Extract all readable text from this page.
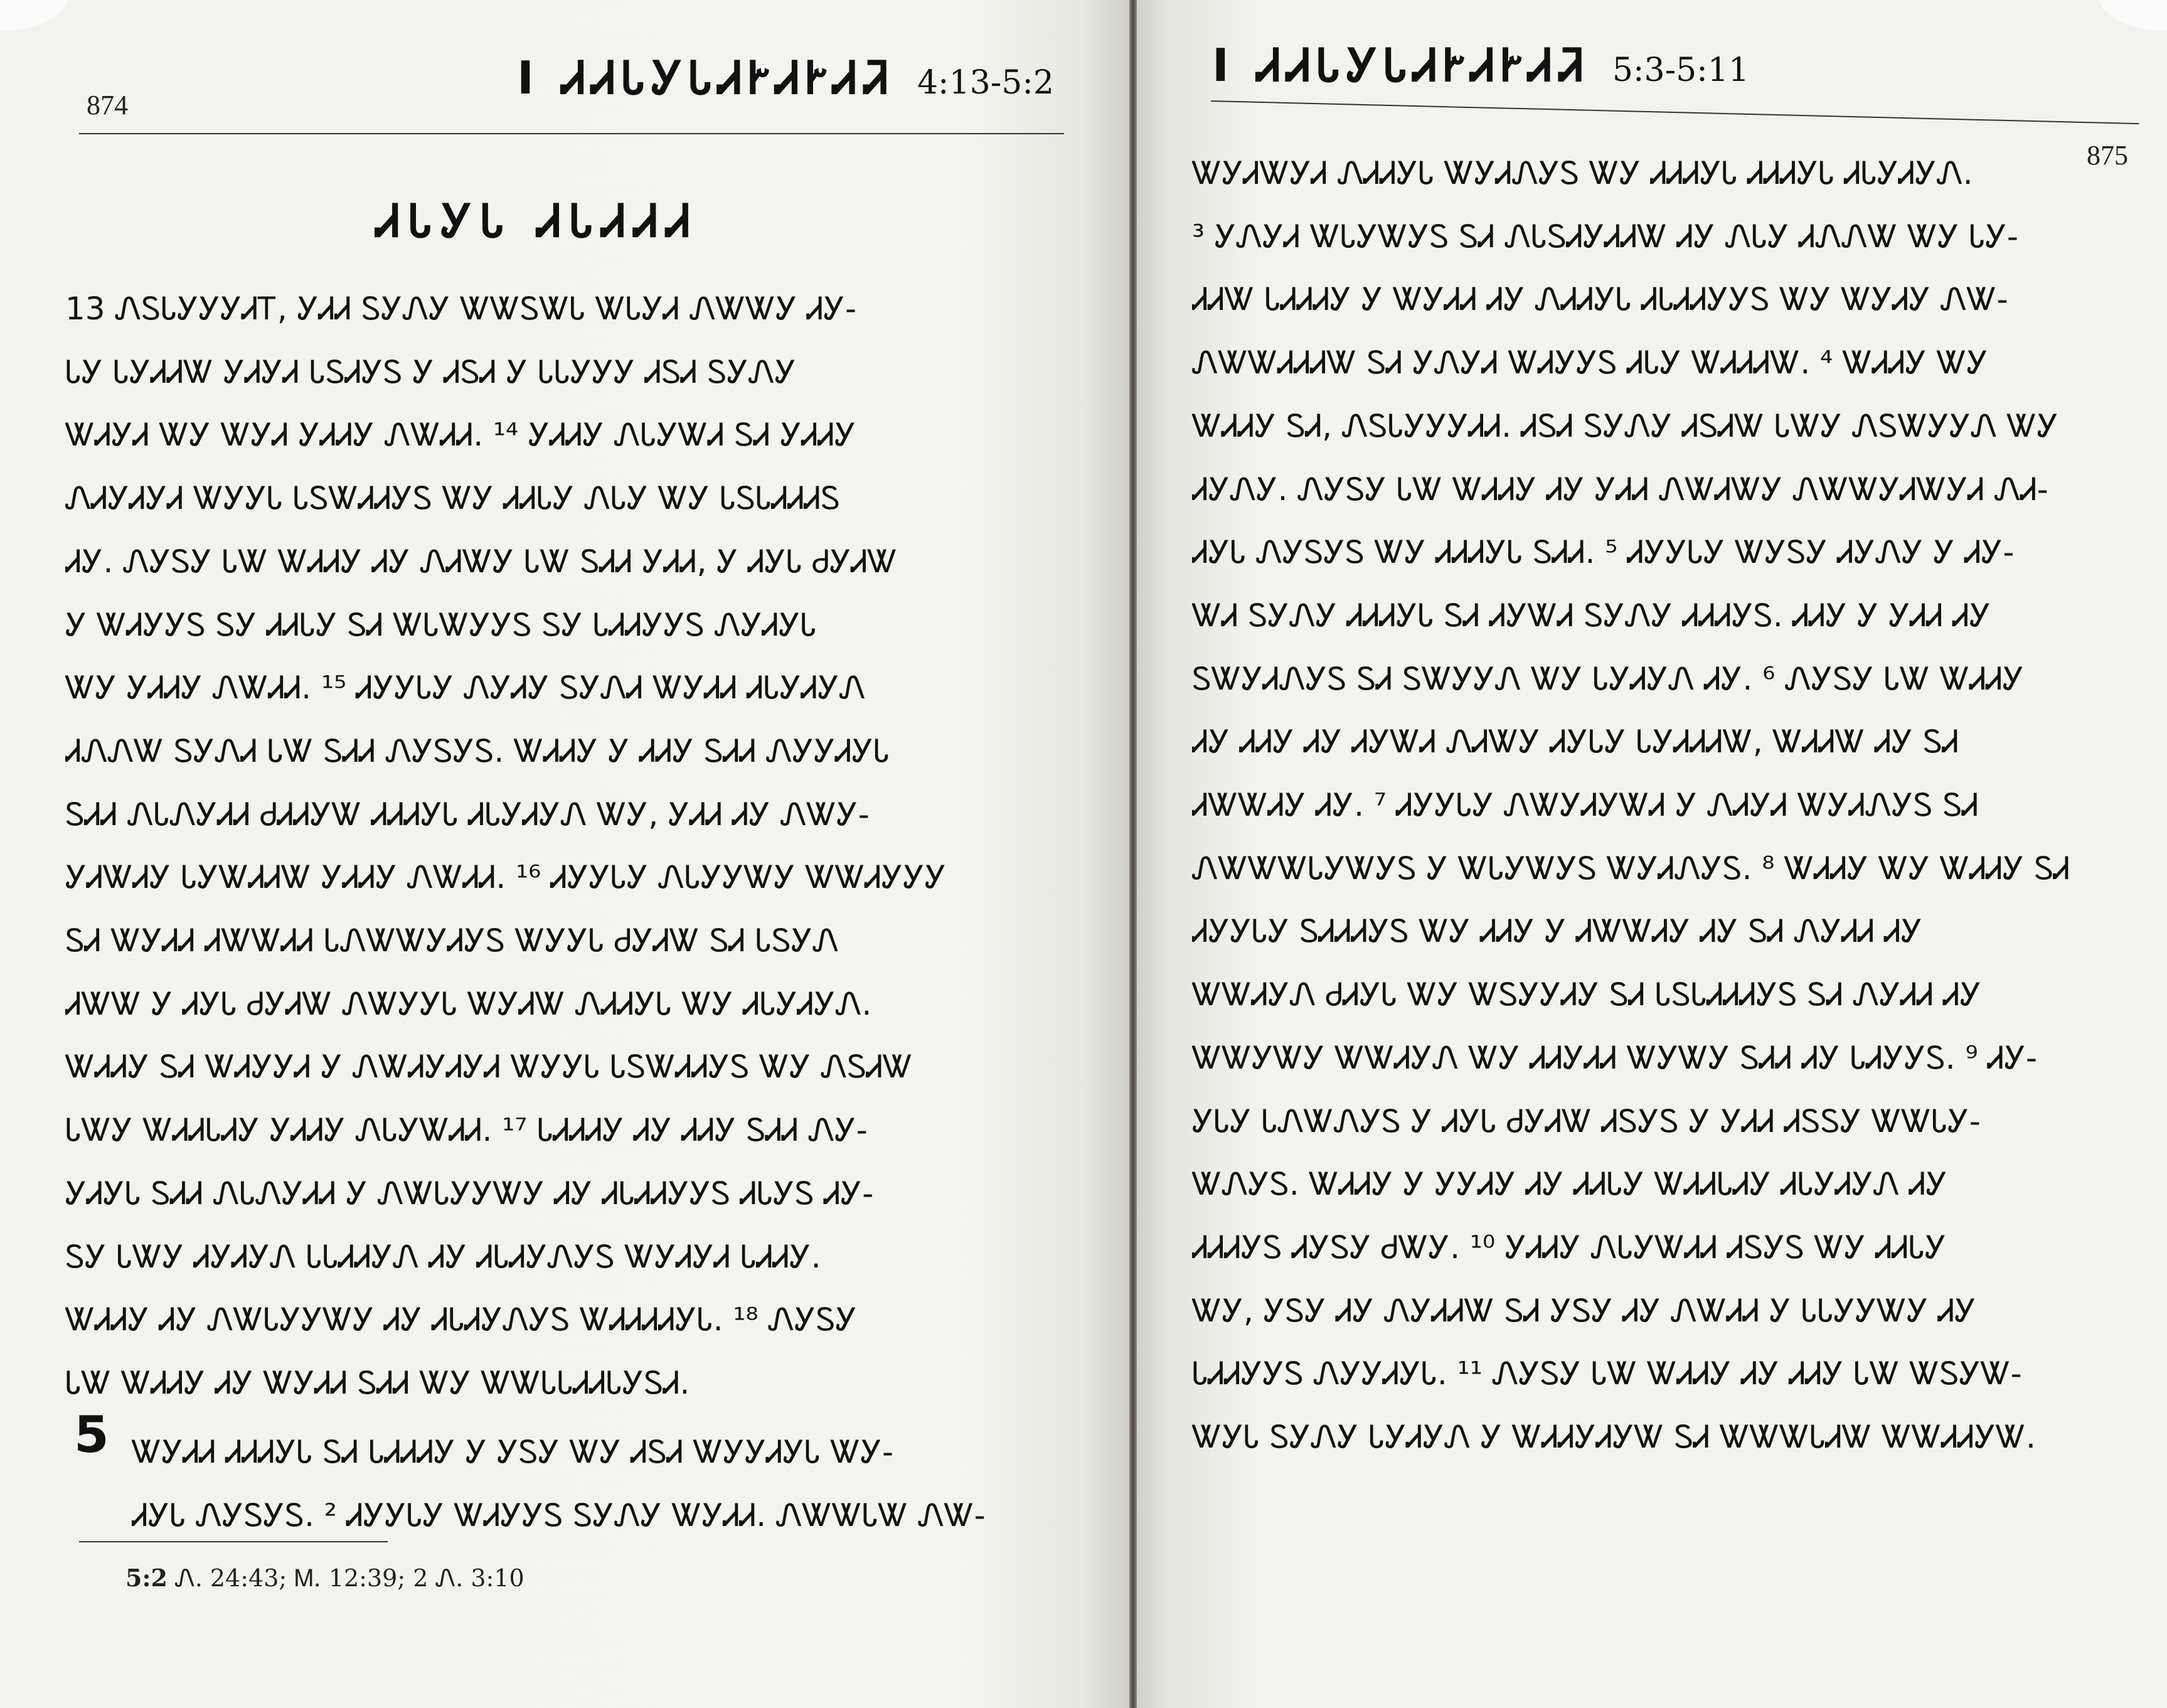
874
I ᏗᏗᏓᎩᏓᏗᎨᏗᎨᏗᏘ 4:13-5:2
ᏗᏓᎩᏓ ᏗᏓᏗᏗᏗ
13 ᏁᏚᏓᎩᎩᎩᏗᎢ, ᎩᏗᏗ ᏚᎩᏁᎩ ᏔᏔᏚᏔᏓ ᏔᏓᎩᏗ ᏁᏔᏔᎩ ᏗᎩ-
ᏓᎩ ᏓᎩᏗᏗᏔ ᎩᏗᎩᏗ ᏓᏚᏗᎩᏚ Ꭹ ᏗᏚᏗ Ꭹ ᏓᏓᎩᎩᎩ ᏗᏚᏗ ᏚᎩᏁᎩ
ᏔᏗᎩᏗ ᏔᎩ ᏔᎩᏗ ᎩᏗᏗᎩ ᏁᏔᏗᏗ. ¹⁴ ᎩᏗᏗᎩ ᏁᏓᎩᏔᏗ ᏚᏗ ᎩᏗᏗᎩ
ᏁᏗᎩᏗᎩᏗ ᏔᎩᎩᏓ ᏓᏚᏔᏗᏗᎩᏚ ᏔᎩ ᏗᏗᏓᎩ ᏁᏓᎩ ᏔᎩ ᏓᏚᏓᏗᏗᏗᏚ
ᏗᎩ. ᏁᎩᏚᎩ ᏓᏔ ᏔᏗᏗᎩ ᏗᎩ ᏁᏗᏔᎩ ᏓᏔ ᏚᏗᏗ ᎩᏗᏗ, Ꭹ ᏗᎩᏓ ᏧᎩᏗᏔ
Ꭹ ᏔᏗᎩᎩᏚ ᏚᎩ ᏗᏗᏓᎩ ᏚᏗ ᏔᏓᏔᎩᎩᏚ ᏚᎩ ᏓᏗᏗᎩᎩᏚ ᏁᎩᏗᎩᏓ
ᏔᎩ ᎩᏗᏗᎩ ᏁᏔᏗᏗ. ¹⁵ ᏗᎩᎩᏓᎩ ᏁᎩᏗᎩ ᏚᎩᏁᏗ ᏔᎩᏗᏗ ᏗᏓᎩᏗᎩᏁ
ᏗᏁᏁᏔ ᏚᎩᏁᏗ ᏓᏔ ᏚᏗᏗ ᏁᎩᏚᎩᏚ. ᏔᏗᏗᎩ Ꭹ ᏗᏗᎩ ᏚᏗᏗ ᏁᎩᎩᏗᎩᏓ
ᏚᏗᏗ ᏁᏓᏁᎩᏗᏗ ᏧᏗᏗᎩᏔ ᏗᏗᏗᎩᏓ ᏗᏓᎩᏗᎩᏁ ᏔᎩ, ᎩᏗᏗ ᏗᎩ ᏁᏔᎩ-
ᎩᏗᏔᏗᎩ ᏓᎩᏔᏗᏗᏔ ᎩᏗᏗᎩ ᏁᏔᏗᏗ. ¹⁶ ᏗᎩᎩᏓᎩ ᏁᏓᎩᎩᏔᎩ ᏔᏔᏗᎩᎩᎩ
ᏚᏗ ᏔᎩᏗᏗ ᏗᏔᏔᏗᏗ ᏓᏁᏔᏔᎩᏗᎩᏚ ᏔᎩᎩᏓ ᏧᎩᏗᏔ ᏚᏗ ᏓᏚᎩᏁ
ᏗᏔᏔ Ꭹ ᏗᎩᏓ ᏧᎩᏗᏔ ᏁᏔᎩᎩᏓ ᏔᎩᏗᏔ ᏁᏗᏗᎩᏓ ᏔᎩ ᏗᏓᎩᏗᎩᏁ.
ᏔᏗᏗᎩ ᏚᏗ ᏔᏗᎩᎩᏗ Ꭹ ᏁᏔᏗᎩᏗᎩᏗ ᏔᎩᎩᏓ ᏓᏚᏔᏗᏗᎩᏚ ᏔᎩ ᏁᏚᏗᏔ
ᏓᏔᎩ ᏔᏗᏗᏓᏗᎩ ᎩᏗᏗᎩ ᏁᏓᎩᏔᏗᏗ. ¹⁷ ᏓᏗᏗᏗᎩ ᏗᎩ ᏗᏗᎩ ᏚᏗᏗ ᏁᎩ-
ᎩᏗᎩᏓ ᏚᏗᏗ ᏁᏓᏁᎩᏗᏗ Ꭹ ᏁᏔᏓᎩᎩᏔᎩ ᏗᎩ ᏗᏓᏗᏗᎩᎩᏚ ᏗᏓᎩᏚ ᏗᎩ-
ᏚᎩ ᏓᏔᎩ ᏗᎩᏗᎩᏁ ᏓᏓᏗᏗᎩᏁ ᏗᎩ ᏗᏓᏗᎩᏁᎩᏚ ᏔᎩᏗᎩᏗ ᏓᏗᏗᎩ.
ᏔᏗᏗᎩ ᏗᎩ ᏁᏔᏓᎩᎩᏔᎩ ᏗᎩ ᏗᏓᏗᎩᏁᎩᏚ ᏔᏗᏗᏗᏗᎩᏓ. ¹⁸ ᏁᎩᏚᎩ
ᏓᏔ ᏔᏗᏗᎩ ᏗᎩ ᏔᎩᏗᏗ ᏚᏗᏗ ᏔᎩ ᏔᏔᏓᏓᏗᏗᏓᎩᏚᏗ.
5 ᏔᎩᏗᏗ ᏗᏗᏗᎩᏓ ᏚᏗ ᏓᏗᏗᏗᎩ Ꭹ ᎩᏚᎩ ᏔᎩ ᏗᏚᏗ ᏔᎩᎩᏗᎩᏓ ᏔᎩ-
ᏗᎩᏓ ᏁᎩᏚᎩᏚ. ² ᏗᎩᎩᏓᎩ ᏔᏗᎩᎩᏚ ᏚᎩᏁᎩ ᏔᎩᏗᏗ. ᏁᏔᏔᏓᏔ ᏁᏔ-
5:2 Ꮑ. 24:43; Ꮇ. 12:39; 2 Ꮑ. 3:10
I ᏗᏗᏓᎩᏓᏗᎨᏗᎨᏗᏘ 5:3-5:11
875
ᏔᎩᏗᏔᎩᏗ ᏁᏗᏗᎩᏓ ᏔᎩᏗᏁᎩᏚ ᏔᎩ ᏗᏗᏗᎩᏓ ᏗᏗᏗᎩᏓ ᏗᏓᎩᏗᎩᏁ.
³ ᎩᏁᎩᏗ ᏔᏓᎩᏔᎩᏚ ᏚᏗ ᏁᏓᏚᏗᎩᏗᏗᏔ ᏗᎩ ᏁᏓᎩ ᏗᏁᏁᏔ ᏔᎩ ᏓᎩ-
ᏗᏗᏔ ᏓᏗᏗᏗᎩ Ꭹ ᏔᎩᏗᏗ ᏗᎩ ᏁᏗᏗᎩᏓ ᏗᏓᏗᏗᎩᎩᏚ ᏔᎩ ᏔᎩᏗᎩ ᏁᏔ-
ᏁᏔᏔᏗᏗᏗᏔ ᏚᏗ ᎩᏁᎩᏗ ᏔᏗᎩᎩᏚ ᏗᏓᎩ ᏔᏗᏗᏗᏔ. ⁴ ᏔᏗᏗᎩ ᏔᎩ
ᏔᏗᏗᎩ ᏚᏗ, ᏁᏚᏓᎩᎩᎩᏗᏗ. ᏗᏚᏗ ᏚᎩᏁᎩ ᏗᏚᏗᏔ ᏓᏔᎩ ᏁᏚᏔᎩᎩᏁ ᏔᎩ
ᏗᎩᏁᎩ. ᏁᎩᏚᎩ ᏓᏔ ᏔᏗᏗᎩ ᏗᎩ ᎩᏗᏗ ᏁᏔᏗᏔᎩ ᏁᏔᏔᎩᏗᏔᎩᏗ ᏁᏗ-
ᏗᎩᏓ ᏁᎩᏚᎩᏚ ᏔᎩ ᏗᏗᏗᎩᏓ ᏚᏗᏗ. ⁵ ᏗᎩᎩᏓᎩ ᏔᎩᏚᎩ ᏗᎩᏁᎩ Ꭹ ᏗᎩ-
ᏔᏗ ᏚᎩᏁᎩ ᏗᏗᏗᎩᏓ ᏚᏗ ᏗᎩᏔᏗ ᏚᎩᏁᎩ ᏗᏗᏗᎩᏚ. ᏗᏗᎩ Ꭹ ᎩᏗᏗ ᏗᎩ
ᏚᏔᎩᏗᏁᎩᏚ ᏚᏗ ᏚᏔᎩᎩᏁ ᏔᎩ ᏓᎩᏗᎩᏁ ᏗᎩ. ⁶ ᏁᎩᏚᎩ ᏓᏔ ᏔᏗᏗᎩ
ᏗᎩ ᏗᏗᎩ ᏗᎩ ᏗᎩᏔᏗ ᏁᏗᏔᎩ ᏗᎩᏓᎩ ᏓᎩᏗᏗᏗᏔ, ᏔᏗᏗᏔ ᏗᎩ ᏚᏗ
ᏗᏔᏔᏗᎩ ᏗᎩ. ⁷ ᏗᎩᎩᏓᎩ ᏁᏔᎩᏗᎩᏔᏗ Ꭹ ᏁᏗᎩᏗ ᏔᎩᏗᏁᎩᏚ ᏚᏗ
ᏁᏔᏔᏔᏓᎩᏔᎩᏚ Ꭹ ᏔᏓᎩᏔᎩᏚ ᏔᎩᏗᏁᎩᏚ. ⁸ ᏔᏗᏗᎩ ᏔᎩ ᏔᏗᏗᎩ ᏚᏗ
ᏗᎩᎩᏓᎩ ᏚᏗᏗᏗᎩᏚ ᏔᎩ ᏗᏗᎩ Ꭹ ᏗᏔᏔᏗᎩ ᏗᎩ ᏚᏗ ᏁᎩᏗᏗ ᏗᎩ
ᏔᏔᏗᎩᏁ ᏧᏗᎩᏓ ᏔᎩ ᏔᏚᎩᎩᏗᎩ ᏚᏗ ᏓᏚᏓᏗᏗᏗᎩᏚ ᏚᏗ ᏁᎩᏗᏗ ᏗᎩ
ᏔᏔᎩᏔᎩ ᏔᏔᏗᎩᏁ ᏔᎩ ᏗᏗᎩᏗᏗ ᏔᎩᏔᎩ ᏚᏗᏗ ᏗᎩ ᏓᏗᎩᎩᏚ. ⁹ ᏗᎩ-
ᎩᏓᎩ ᏓᏁᏔᏁᎩᏚ Ꭹ ᏗᎩᏓ ᏧᎩᏗᏔ ᏗᏚᎩᏚ Ꭹ ᎩᏗᏗ ᏗᏚᏚᎩ ᏔᏔᏓᎩ-
ᏔᏁᎩᏚ. ᏔᏗᏗᎩ Ꭹ ᎩᎩᏗᎩ ᏗᎩ ᏗᏗᏓᎩ ᏔᏗᏗᏓᏗᎩ ᏗᏓᎩᏗᎩᏁ ᏗᎩ
ᏗᏗᏗᎩᏚ ᏗᎩᏚᎩ ᏧᏔᎩ. ¹⁰ ᎩᏗᏗᎩ ᏁᏓᎩᏔᏗᏗ ᏗᏚᎩᏚ ᏔᎩ ᏗᏗᏓᎩ
ᏔᎩ, ᎩᏚᎩ ᏗᎩ ᏁᎩᏗᏗᏔ ᏚᏗ ᎩᏚᎩ ᏗᎩ ᏁᏔᏗᏗ Ꭹ ᏓᏓᎩᎩᏔᎩ ᏗᎩ
ᏓᏗᏗᎩᎩᏚ ᏁᎩᎩᏗᎩᏓ. ¹¹ ᏁᎩᏚᎩ ᏓᏔ ᏔᏗᏗᎩ ᏗᎩ ᏗᏗᎩ ᏓᏔ ᏔᏚᎩᏔ-
ᏔᎩᏓ ᏚᎩᏁᎩ ᏓᎩᏗᎩᏁ Ꭹ ᏔᏗᏗᎩᏗᎩᏔ ᏚᏗ ᏔᏔᏔᏓᏗᏔ ᏔᏔᏗᏗᎩᏔ.
